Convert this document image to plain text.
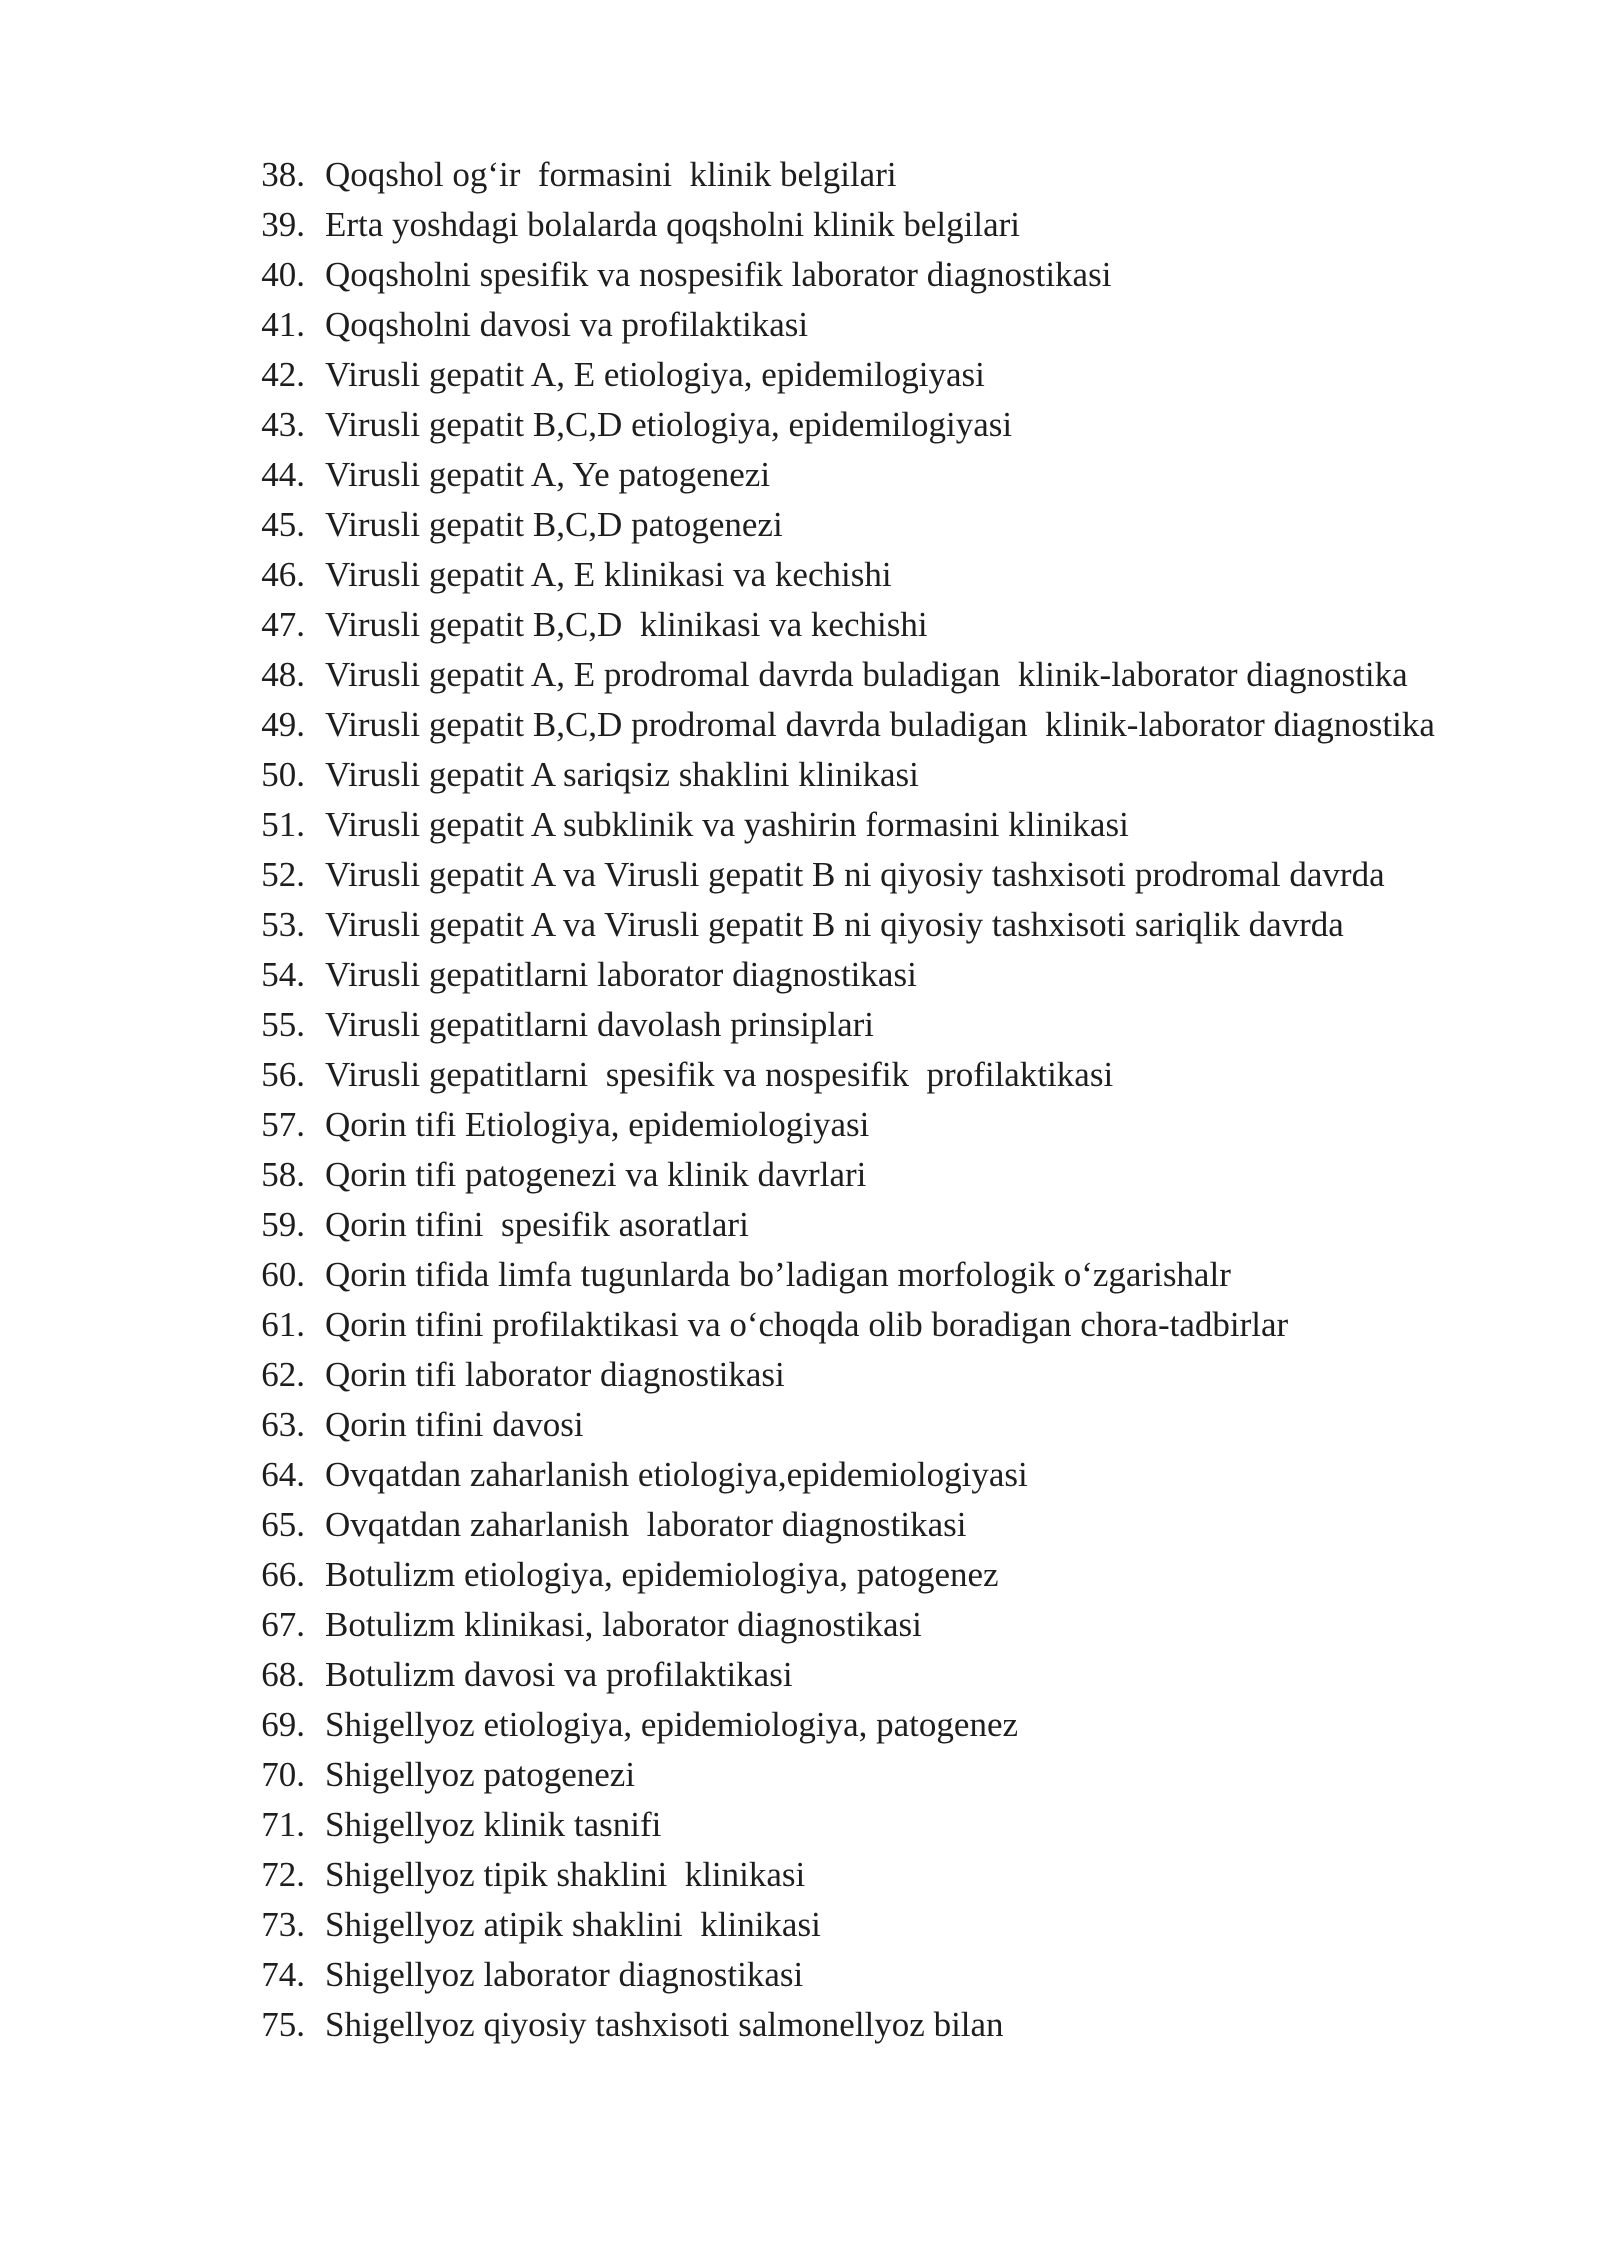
38. Qoqshol og‘ir  formasini  klinik belgilari
39. Erta yoshdagi bolalarda qoqsholni klinik belgilari
40. Qoqsholni spesifik va nospesifik laborator diagnostikasi
41. Qoqsholni davosi va profilaktikasi
42. Virusli gepatit A, E etiologiya, epidemilogiyasi
43. Virusli gepatit B,C,D etiologiya, epidemilogiyasi
44. Virusli gepatit A, Ye patogenezi
45. Virusli gepatit B,C,D patogenezi
46. Virusli gepatit A, E klinikasi va kechishi
47. Virusli gepatit B,C,D  klinikasi va kechishi
48. Virusli gepatit A, E prodromal davrda buladigan  klinik-laborator diagnostika
49. Virusli gepatit B,C,D prodromal davrda buladigan  klinik-laborator diagnostika
50. Virusli gepatit A sariqsiz shaklini klinikasi
51. Virusli gepatit A subklinik va yashirin formasini klinikasi
52. Virusli gepatit A va Virusli gepatit B ni qiyosiy tashxisoti prodromal davrda
53. Virusli gepatit A va Virusli gepatit B ni qiyosiy tashxisoti sariqlik davrda
54. Virusli gepatitlarni laborator diagnostikasi
55. Virusli gepatitlarni davolash prinsiplari
56. Virusli gepatitlarni  spesifik va nospesifik  profilaktikasi
57. Qorin tifi Etiologiya, epidemiologiyasi
58. Qorin tifi patogenezi va klinik davrlari
59. Qorin tifini  spesifik asoratlari
60. Qorin tifida limfa tugunlarda bo’ladigan morfologik o‘zgarishalr
61. Qorin tifini profilaktikasi va o‘choqda olib boradigan chora-tadbirlar
62. Qorin tifi laborator diagnostikasi
63. Qorin tifini davosi
64. Ovqatdan zaharlanish etiologiya,epidemiologiyasi
65. Ovqatdan zaharlanish  laborator diagnostikasi
66. Botulizm etiologiya, epidemiologiya, patogenez
67. Botulizm klinikasi, laborator diagnostikasi
68. Botulizm davosi va profilaktikasi
69. Shigellyoz etiologiya, epidemiologiya, patogenez
70. Shigellyoz patogenezi
71. Shigellyoz klinik tasnifi
72. Shigellyoz tipik shaklini  klinikasi
73. Shigellyoz atipik shaklini  klinikasi
74. Shigellyoz laborator diagnostikasi
75. Shigellyoz qiyosiy tashxisoti salmonellyoz bilan
